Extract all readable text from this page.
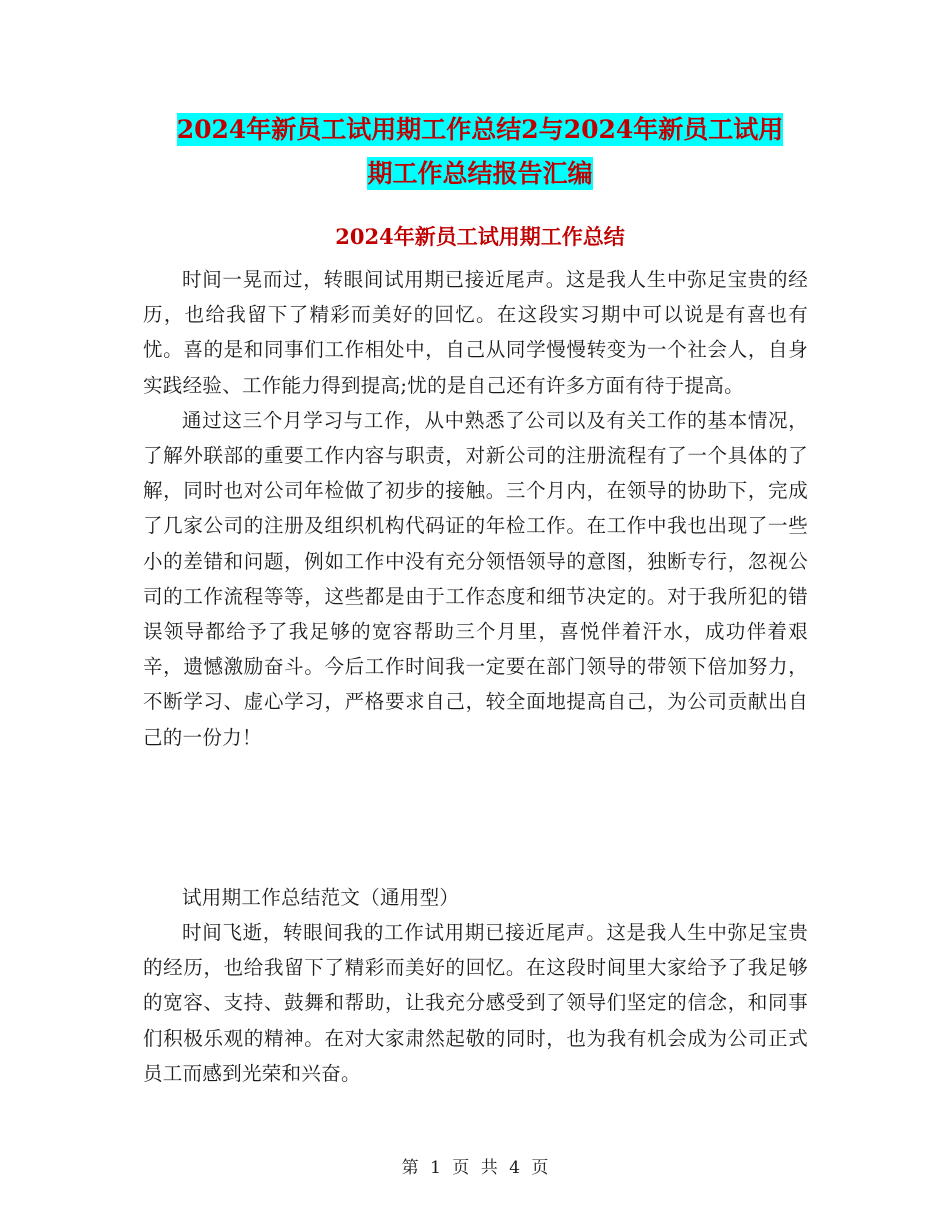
2024年新员工试用期工作总结2与2024年新员工试用
期工作总结报告汇编
2024年新员工试用期工作总结

时间一晃而过，转眼间试用期已接近尾声。这是我人生中弥足宝贵的经历，也给我留下了精彩而美好的回忆。在这段实习期中可以说是有喜也有忧。喜的是和同事们工作相处中，自己从同学慢慢转变为一个社会人，自身实践经验、工作能力得到提高;忧的是自己还有许多方面有待于提高。

通过这三个月学习与工作，从中熟悉了公司以及有关工作的基本情况，了解外联部的重要工作内容与职责，对新公司的注册流程有了一个具体的了解，同时也对公司年检做了初步的接触。三个月内，在领导的协助下，完成了几家公司的注册及组织机构代码证的年检工作。在工作中我也出现了一些小的差错和问题，例如工作中没有充分领悟领导的意图，独断专行，忽视公司的工作流程等等，这些都是由于工作态度和细节决定的。对于我所犯的错误领导都给予了我足够的宽容帮助三个月里，喜悦伴着汗水，成功伴着艰辛，遗憾激励奋斗。今后工作时间我一定要在部门领导的带领下倍加努力，不断学习、虚心学习，严格要求自己，较全面地提高自己，为公司贡献出自己的一份力！

试用期工作总结范文（通用型）

时间飞逝，转眼间我的工作试用期已接近尾声。这是我人生中弥足宝贵的经历，也给我留下了精彩而美好的回忆。在这段时间里大家给予了我足够的宽容、支持、鼓舞和帮助，让我充分感受到了领导们坚定的信念，和同事们积极乐观的精神。在对大家肃然起敬的同时，也为我有机会成为公司正式员工而感到光荣和兴奋。

第 1 页 共 4 页
